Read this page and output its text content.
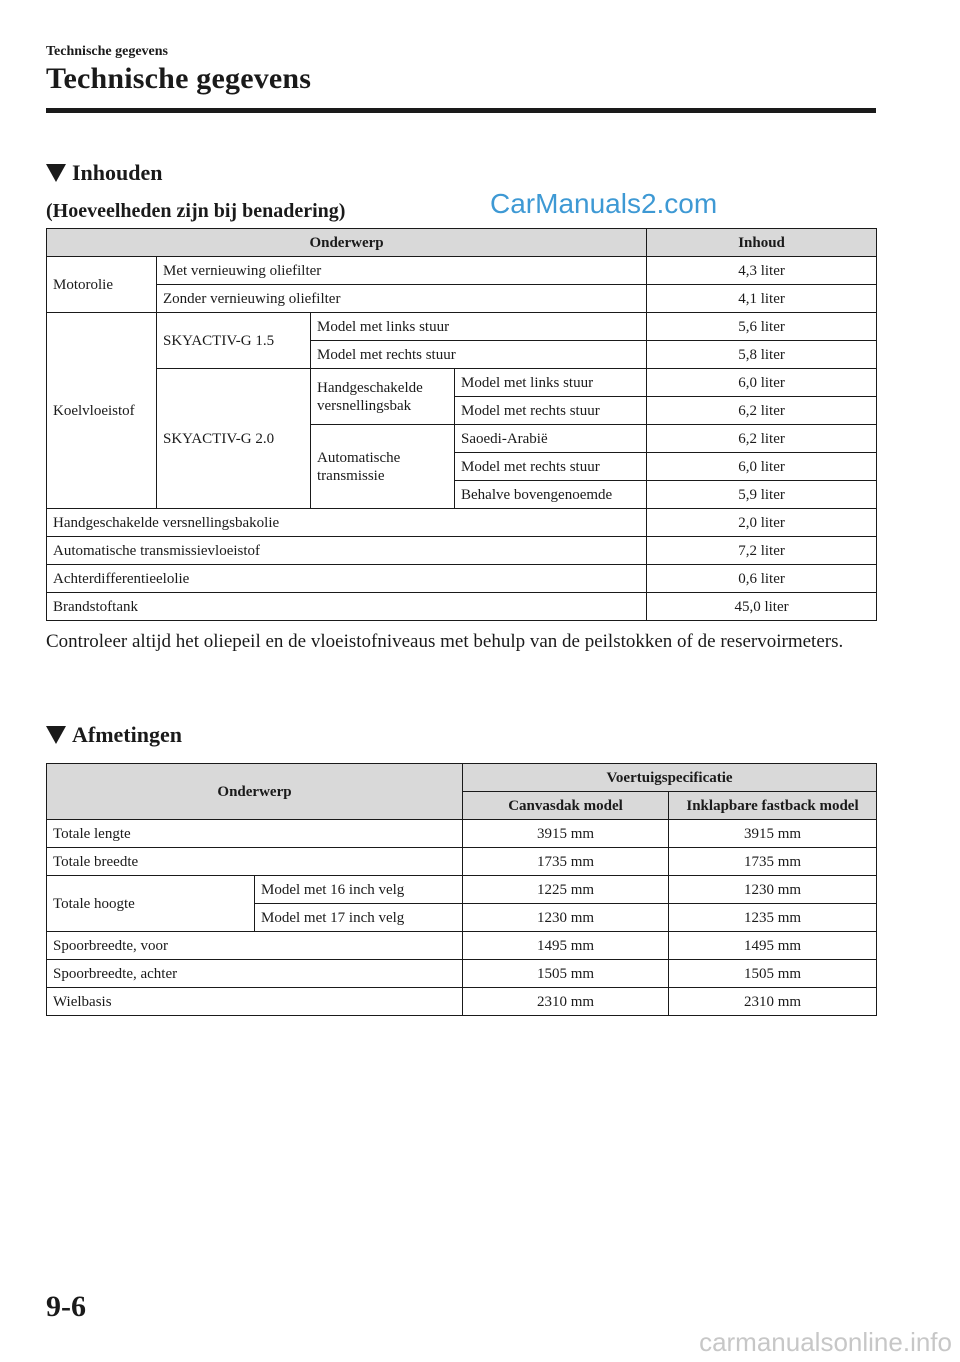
Technische gegevens
Technische gegevens
Inhouden
(Hoeveelheden zijn bij benadering)	CarManuals2.com
Onderwerp				Inhoud
Motorolie	Met vernieuwing oliefilter			4,3 liter
	Zonder vernieuwing oliefilter			4,1 liter
Koelvloeistof	SKYACTIV-G 1.5	Model met links stuur		5,6 liter
		Model met rechts stuur		5,8 liter
	SKYACTIV-G 2.0	Handgeschakelde versnellingsbak	Model met links stuur	6,0 liter
			Model met rechts stuur	6,2 liter
		Automatische transmissie	Saoedi-Arabië	6,2 liter
			Model met rechts stuur	6,0 liter
			Behalve bovengenoemde	5,9 liter
Handgeschakelde versnellingsbakolie				2,0 liter
Automatische transmissievloeistof				7,2 liter
Achterdifferentieelolie				0,6 liter
Brandstoftank				45,0 liter
Controleer altijd het oliepeil en de vloeistofniveaus met behulp van de peilstokken of de reservoirmeters.
Afmetingen
Onderwerp		Voertuigspecificatie	
		Canvasdak model	Inklapbare fastback model
Totale lengte		3915 mm	3915 mm
Totale breedte		1735 mm	1735 mm
Totale hoogte	Model met 16 inch velg	1225 mm	1230 mm
	Model met 17 inch velg	1230 mm	1235 mm
Spoorbreedte, voor		1495 mm	1495 mm
Spoorbreedte, achter		1505 mm	1505 mm
Wielbasis		2310 mm	2310 mm
9-6
carmanualsonline.info
